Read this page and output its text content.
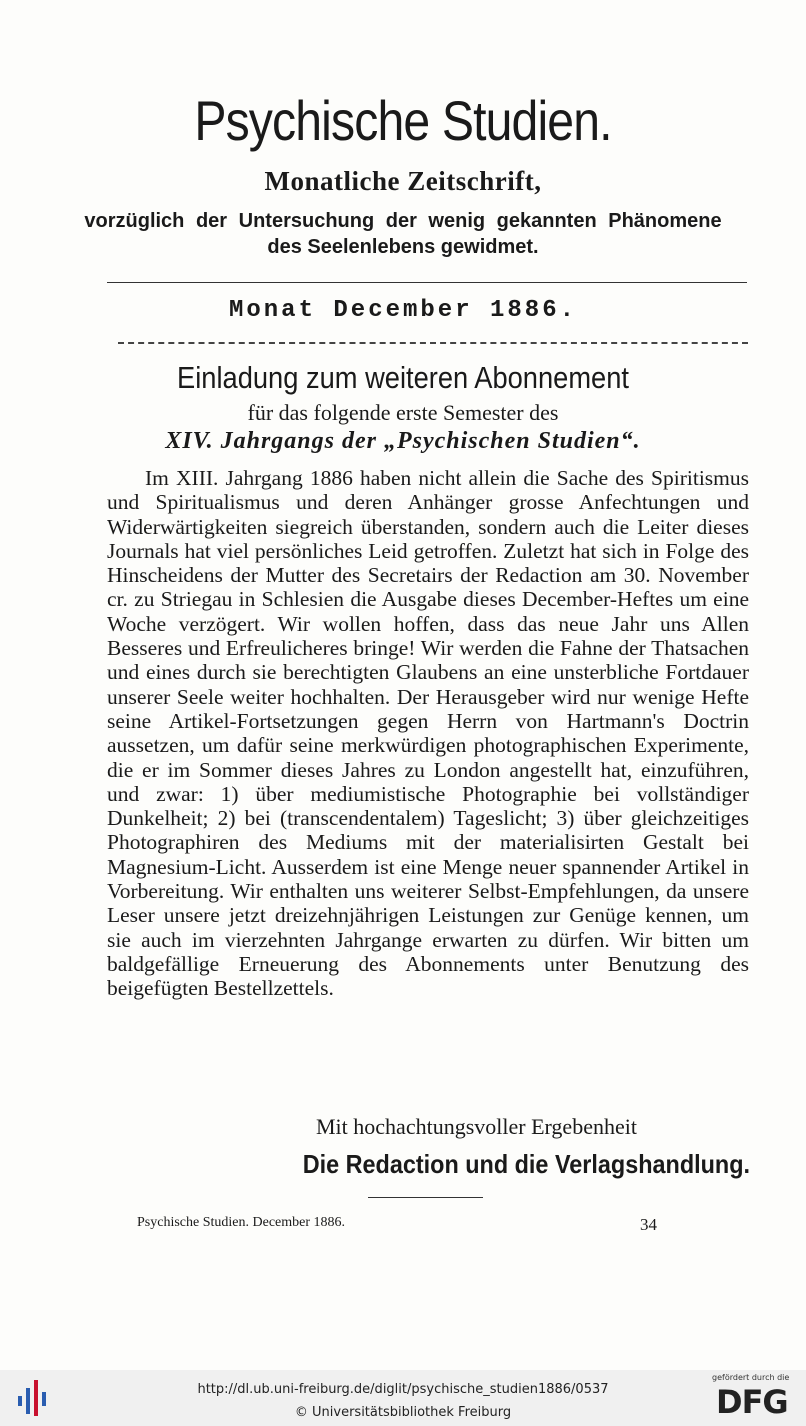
Psychische Studien.
Monatliche Zeitschrift,
vorzüglich der Untersuchung der wenig gekannten Phänomene
des Seelenlebens gewidmet.
Monat December 1886.
Einladung zum weiteren Abonnement
für das folgende erste Semester des
XIV. Jahrgangs der „Psychischen Studien“.

Im XIII. Jahrgang 1886 haben nicht allein die Sache des Spiritismus und Spiritualismus und deren Anhänger grosse Anfechtungen und Widerwärtigkeiten siegreich überstanden, sondern auch die Leiter dieses Journals hat viel persönliches Leid getroffen. Zuletzt hat sich in Folge des Hinscheidens der Mutter des Secretairs der Redaction am 30. November cr. zu Striegau in Schlesien die Ausgabe dieses December-Heftes um eine Woche verzögert. Wir wollen hoffen, dass das neue Jahr uns Allen Besseres und Erfreulicheres bringe! Wir werden die Fahne der Thatsachen und eines durch sie berechtigten Glaubens an eine unsterbliche Fortdauer unserer Seele weiter hochhalten. Der Herausgeber wird nur wenige Hefte seine Artikel-Fortsetzungen gegen Herrn von Hartmann's Doctrin aussetzen, um dafür seine merkwürdigen photographischen Experimente, die er im Sommer dieses Jahres zu London angestellt hat, einzuführen, und zwar: 1) über mediumistische Photographie bei vollständiger Dunkelheit; 2) bei (transcendentalem) Tageslicht; 3) über gleichzeitiges Photographiren des Mediums mit der materialisirten Gestalt bei Magnesium-Licht. Ausserdem ist eine Menge neuer spannender Artikel in Vorbereitung. Wir enthalten uns weiterer Selbst-Empfehlungen, da unsere Leser unsere jetzt dreizehnjährigen Leistungen zur Genüge kennen, um sie auch im vierzehnten Jahrgange erwarten zu dürfen. Wir bitten um baldgefällige Erneuerung des Abonnements unter Benutzung des beigefügten Bestellzettels.

Mit hochachtungsvoller Ergebenheit
Die Redaction und die Verlagshandlung.
Psychische Studien. December 1886.	34
http://dl.ub.uni-freiburg.de/diglit/psychische_studien1886/0537
© Universitätsbibliothek Freiburg
gefördert durch die
DFG
